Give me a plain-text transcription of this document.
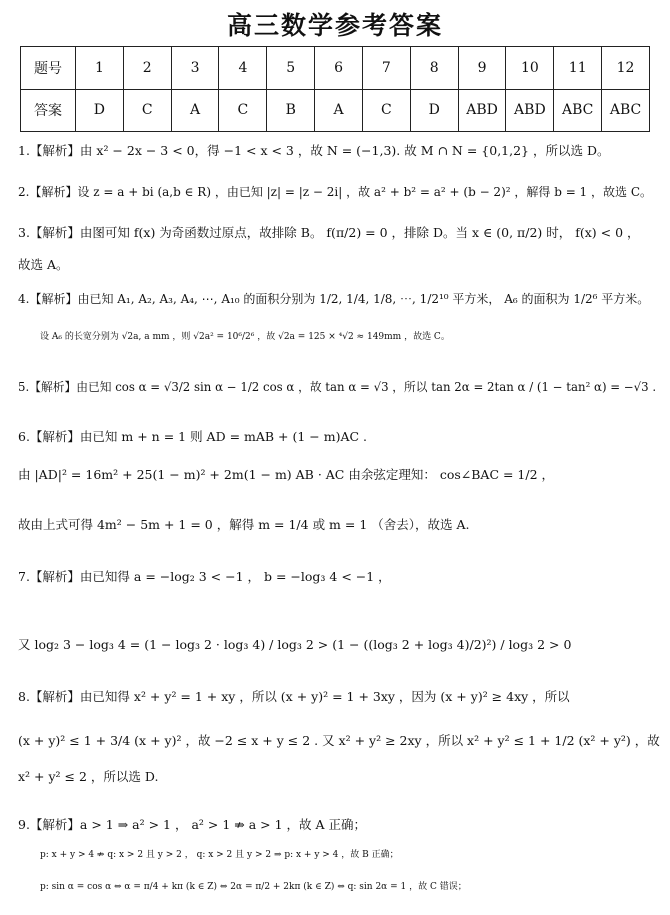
高三数学参考答案
题号	1	2	3	4	5	6	7	8	9	10	11	12
答案	D	C	A	C	B	A	C	D	ABD	ABD	ABC	ABC
1.【解析】由 x² − 2x − 3 < 0，得 −1 < x < 3 ，故 N = (−1,3). 故 M ∩ N = {0,1,2} ，所以选 D。
2.【解析】设 z = a + bi (a,b ∈ R) ，由已知 |z| = |z − 2i| ，故 a² + b² = a² + (b − 2)² ，解得 b = 1 ，故选 C。
3.【解析】由图可知 f(x) 为奇函数过原点，故排除 B。 f(π/2) = 0 ，排除 D。当 x ∈ (0, π/2) 时， f(x) < 0 ，
故选 A。
4.【解析】由已知 A₁, A₂, A₃, A₄, ⋯, A₁₀ 的面积分别为 1/2, 1/4, 1/8, ⋯, 1/2¹⁰ 平方米， A₆ 的面积为 1/2⁶ 平方米。
设 A₆ 的长宽分别为 √2a, a mm ，则 √2a² = 10⁶/2⁶ ，故 √2a = 125 × ⁴√2 ≈ 149mm ，故选 C。
5.【解析】由已知 cos α = √3/2 sin α − 1/2 cos α ，故 tan α = √3 ，所以 tan 2α = 2tan α / (1 − tan² α) = −√3 .
6.【解析】由已知 m + n = 1 则 AD = mAB + (1 − m)AC .
由 |AD|² = 16m² + 25(1 − m)² + 2m(1 − m) AB · AC 由余弦定理知： cos∠BAC = 1/2 ，
故由上式可得 4m² − 5m + 1 = 0 ，解得 m = 1/4 或 m = 1 （舍去），故选 A.
7.【解析】由已知得 a = −log₂ 3 < −1 ， b = −log₃ 4 < −1 ，
又 log₂ 3 − log₃ 4 = (1 − log₃ 2 · log₃ 4) / log₃ 2 > (1 − ((log₃ 2 + log₃ 4)/2)²) / log₃ 2 > 0
8.【解析】由已知得 x² + y² = 1 + xy ，所以 (x + y)² = 1 + 3xy ，因为 (x + y)² ≥ 4xy ，所以
(x + y)² ≤ 1 + 3/4 (x + y)² ，故 −2 ≤ x + y ≤ 2 . 又 x² + y² ≥ 2xy ，所以 x² + y² ≤ 1 + 1/2 (x² + y²) ，故
x² + y² ≤ 2 ，所以选 D.
9.【解析】a > 1 ⇒ a² > 1 ， a² > 1 ⇏ a > 1 ，故 A 正确；
p: x + y > 4 ⇏ q: x > 2 且 y > 2 ， q: x > 2 且 y > 2 ⇒ p: x + y > 4 ，故 B 正确；
p: sin α = cos α ⇔ α = π/4 + kπ (k ∈ Z) ⇔ 2α = π/2 + 2kπ (k ∈ Z) ⇔ q: sin 2α = 1 ，故 C 错误；
